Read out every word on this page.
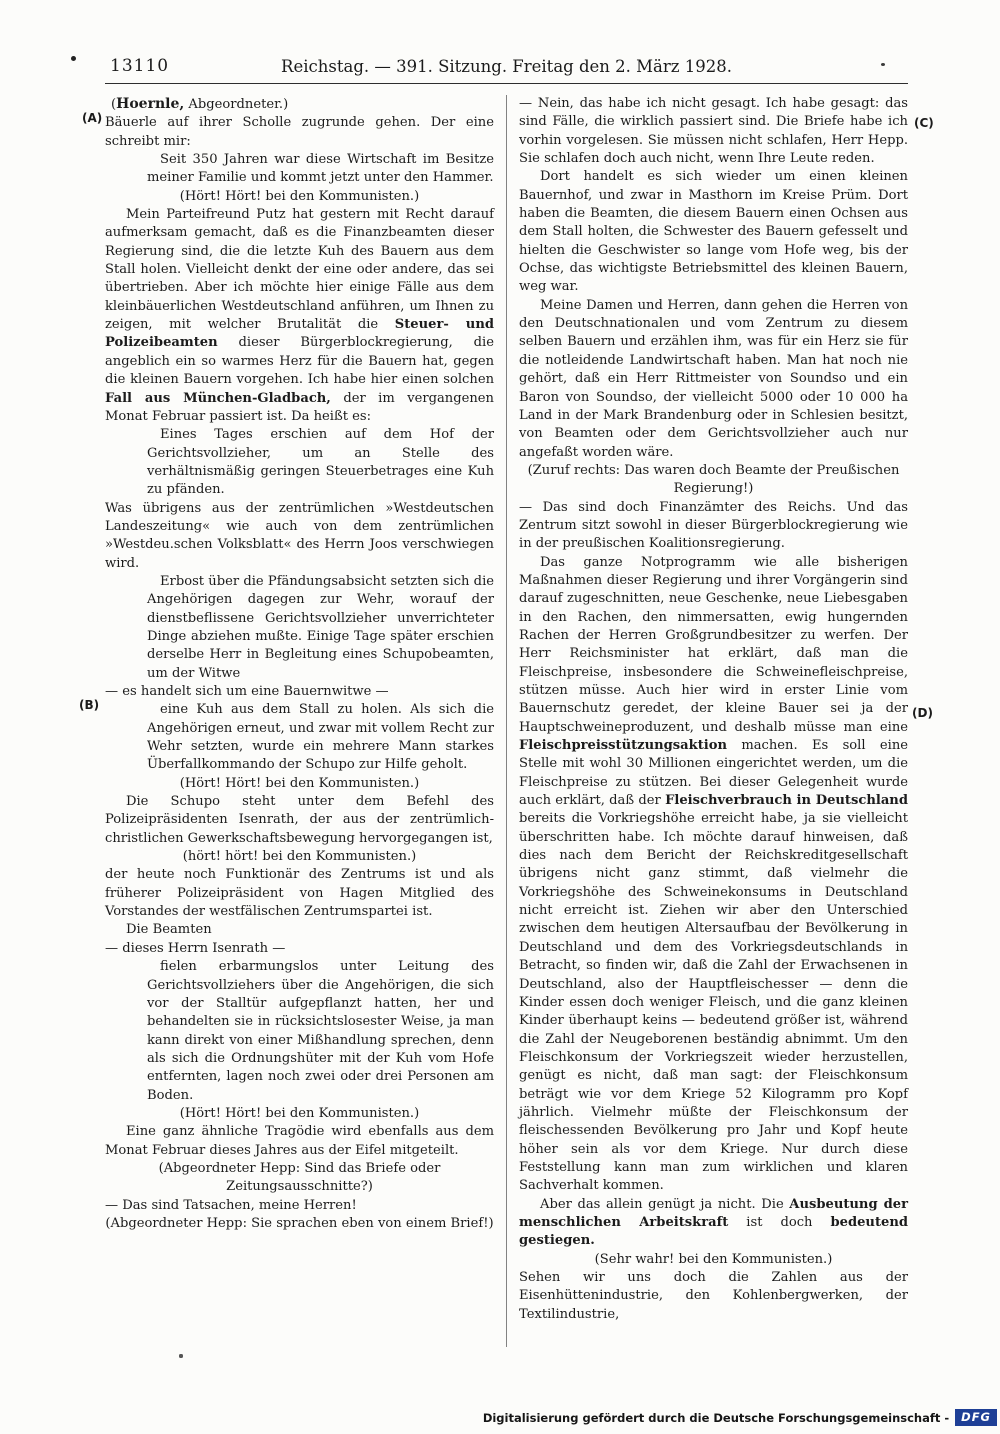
13110	Reichstag. — 391. Sitzung. Freitag den 2. März 1928.
(A)
(B)
(C)
(D)

(Hoernle, Abgeordneter.)

Bäuerle auf ihrer Scholle zugrunde gehen. Der eine schreibt mir:

Seit 350 Jahren war diese Wirtschaft im Besitze meiner Familie und kommt jetzt unter den Hammer.

(Hört! Hört! bei den Kommunisten.)

Mein Parteifreund Putz hat gestern mit Recht darauf aufmerksam gemacht, daß es die Finanzbeamten dieser Regierung sind, die die letzte Kuh des Bauern aus dem Stall holen. Vielleicht denkt der eine oder andere, das sei übertrieben. Aber ich möchte hier einige Fälle aus dem kleinbäuerlichen Westdeutschland anführen, um Ihnen zu zeigen, mit welcher Brutalität die Steuer- und Polizeibeamten dieser Bürgerblockregierung, die angeblich ein so warmes Herz für die Bauern hat, gegen die kleinen Bauern vorgehen. Ich habe hier einen solchen Fall aus München-Gladbach, der im vergangenen Monat Februar passiert ist. Da heißt es:

Eines Tages erschien auf dem Hof der Gerichtsvollzieher, um an Stelle des verhältnismäßig geringen Steuerbetrages eine Kuh zu pfänden.

Was übrigens aus der zentrümlichen »Westdeutschen Landeszeitung« wie auch von dem zentrümlichen »Westdeu.schen Volksblatt« des Herrn Joos verschwiegen wird.

Erbost über die Pfändungsabsicht setzten sich die Angehörigen dagegen zur Wehr, worauf der dienstbeflissene Gerichtsvollzieher unverrichteter Dinge abziehen mußte. Einige Tage später erschien derselbe Herr in Begleitung eines Schupobeamten, um der Witwe

— es handelt sich um eine Bauernwitwe —

eine Kuh aus dem Stall zu holen. Als sich die Angehörigen erneut, und zwar mit vollem Recht zur Wehr setzten, wurde ein mehrere Mann starkes Überfallkommando der Schupo zur Hilfe geholt.

(Hört! Hört! bei den Kommunisten.)

Die Schupo steht unter dem Befehl des Polizeipräsidenten Isenrath, der aus der zentrümlich-christlichen Gewerkschaftsbewegung hervorgegangen ist,

(hört! hört! bei den Kommunisten.)

der heute noch Funktionär des Zentrums ist und als früherer Polizeipräsident von Hagen Mitglied des Vorstandes der westfälischen Zentrumspartei ist.

Die Beamten

— dieses Herrn Isenrath —

fielen erbarmungslos unter Leitung des Gerichtsvollziehers über die Angehörigen, die sich vor der Stalltür aufgepflanzt hatten, her und behandelten sie in rücksichtslosester Weise, ja man kann direkt von einer Mißhandlung sprechen, denn als sich die Ordnungshüter mit der Kuh vom Hofe entfernten, lagen noch zwei oder drei Personen am Boden.

(Hört! Hört! bei den Kommunisten.)

Eine ganz ähnliche Tragödie wird ebenfalls aus dem Monat Februar dieses Jahres aus der Eifel mitgeteilt.

(Abgeordneter Hepp: Sind das Briefe oder Zeitungsausschnitte?)

— Das sind Tatsachen, meine Herren!

(Abgeordneter Hepp: Sie sprachen eben von einem Brief!)

— Nein, das habe ich nicht gesagt. Ich habe gesagt: das sind Fälle, die wirklich passiert sind. Die Briefe habe ich vorhin vorgelesen. Sie müssen nicht schlafen, Herr Hepp. Sie schlafen doch auch nicht, wenn Ihre Leute reden.

Dort handelt es sich wieder um einen kleinen Bauernhof, und zwar in Masthorn im Kreise Prüm. Dort haben die Beamten, die diesem Bauern einen Ochsen aus dem Stall holten, die Schwester des Bauern gefesselt und hielten die Geschwister so lange vom Hofe weg, bis der Ochse, das wichtigste Betriebsmittel des kleinen Bauern, weg war.

Meine Damen und Herren, dann gehen die Herren von den Deutschnationalen und vom Zentrum zu diesem selben Bauern und erzählen ihm, was für ein Herz sie für die notleidende Landwirtschaft haben. Man hat noch nie gehört, daß ein Herr Rittmeister von Soundso und ein Baron von Soundso, der vielleicht 5000 oder 10 000 ha Land in der Mark Brandenburg oder in Schlesien besitzt, von Beamten oder dem Gerichtsvollzieher auch nur angefaßt worden wäre.

(Zuruf rechts: Das waren doch Beamte der Preußischen Regierung!)

— Das sind doch Finanzämter des Reichs. Und das Zentrum sitzt sowohl in dieser Bürgerblockregierung wie in der preußischen Koalitionsregierung.

Das ganze Notprogramm wie alle bisherigen Maßnahmen dieser Regierung und ihrer Vorgängerin sind darauf zugeschnitten, neue Geschenke, neue Liebesgaben in den Rachen, den nimmersatten, ewig hungernden Rachen der Herren Großgrundbesitzer zu werfen. Der Herr Reichsminister hat erklärt, daß man die Fleischpreise, insbesondere die Schweinefleischpreise, stützen müsse. Auch hier wird in erster Linie vom Bauernschutz geredet, der kleine Bauer sei ja der Hauptschweineproduzent, und deshalb müsse man eine Fleischpreisstützungsaktion machen. Es soll eine Stelle mit wohl 30 Millionen eingerichtet werden, um die Fleischpreise zu stützen. Bei dieser Gelegenheit wurde auch erklärt, daß der Fleischverbrauch in Deutschland bereits die Vorkriegshöhe erreicht habe, ja sie vielleicht überschritten habe. Ich möchte darauf hinweisen, daß dies nach dem Bericht der Reichskreditgesellschaft übrigens nicht ganz stimmt, daß vielmehr die Vorkriegshöhe des Schweinekonsums in Deutschland nicht erreicht ist. Ziehen wir aber den Unterschied zwischen dem heutigen Altersaufbau der Bevölkerung in Deutschland und dem des Vorkriegsdeutschlands in Betracht, so finden wir, daß die Zahl der Erwachsenen in Deutschland, also der Hauptfleischesser — denn die Kinder essen doch weniger Fleisch, und die ganz kleinen Kinder überhaupt keins — bedeutend größer ist, während die Zahl der Neugeborenen beständig abnimmt. Um den Fleischkonsum der Vorkriegszeit wieder herzustellen, genügt es nicht, daß man sagt: der Fleischkonsum beträgt wie vor dem Kriege 52 Kilogramm pro Kopf jährlich. Vielmehr müßte der Fleischkonsum der fleischessenden Bevölkerung pro Jahr und Kopf heute höher sein als vor dem Kriege. Nur durch diese Feststellung kann man zum wirklichen und klaren Sachverhalt kommen.

Aber das allein genügt ja nicht. Die Ausbeutung der menschlichen Arbeitskraft ist doch bedeutend gestiegen.

(Sehr wahr! bei den Kommunisten.)

Sehen wir uns doch die Zahlen aus der Eisenhüttenindustrie, den Kohlenbergwerken, der Textilindustrie,

Digitalisierung gefördert durch die Deutsche Forschungsgemeinschaft -	DFG
